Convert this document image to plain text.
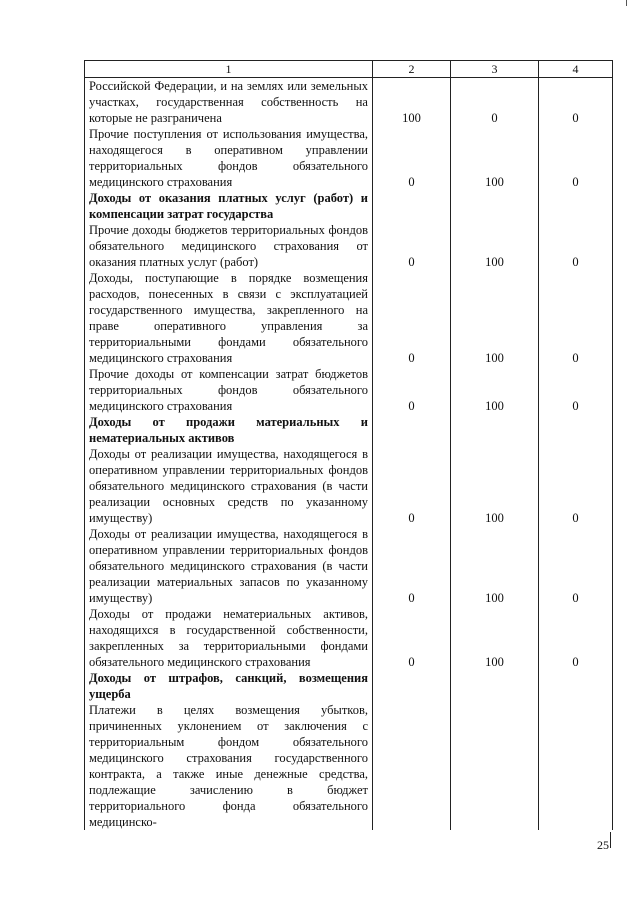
1	2	3	4
Российской Федерации, и на землях или земельных участках, государственная собственность на которые не разграничена	100	0	0
Прочие поступления от использования имущества, находящегося в оперативном управлении территориальных фондов обязательного медицинского страхования	0	100	0
Доходы от оказания платных услуг (работ) и компенсации затрат государства			
Прочие доходы бюджетов территориальных фондов обязательного медицинского страхования от оказания платных услуг (работ)	0	100	0
Доходы, поступающие в порядке возмещения расходов, понесенных в связи с эксплуатацией государственного имущества, закрепленного на праве оперативного управления за территориальными фондами обязательного медицинского страхования	0	100	0
Прочие доходы от компенсации затрат бюджетов территориальных фондов обязательного медицинского страхования	0	100	0
Доходы от продажи материальных и нематериальных активов			
Доходы от реализации имущества, находящегося в оперативном управлении территориальных фондов обязательного медицинского страхования (в части реализации основных средств по указанному имуществу)	0	100	0
Доходы от реализации имущества, находящегося в оперативном управлении территориальных фондов обязательного медицинского страхования (в части реализации материальных запасов по указанному имуществу)	0	100	0
Доходы от продажи нематериальных активов, находящихся в государственной собственности, закрепленных за территориальными фондами обязательного медицинского страхования	0	100	0
Доходы от штрафов, санкций, возмещения ущерба			
Платежи в целях возмещения убытков, причиненных уклонением от заключения с территориальным фондом обязательного медицинского страхования государственного контракта, а также иные денежные средства, подлежащие зачислению в бюджет территориального фонда обязательного медицинско-			
25
